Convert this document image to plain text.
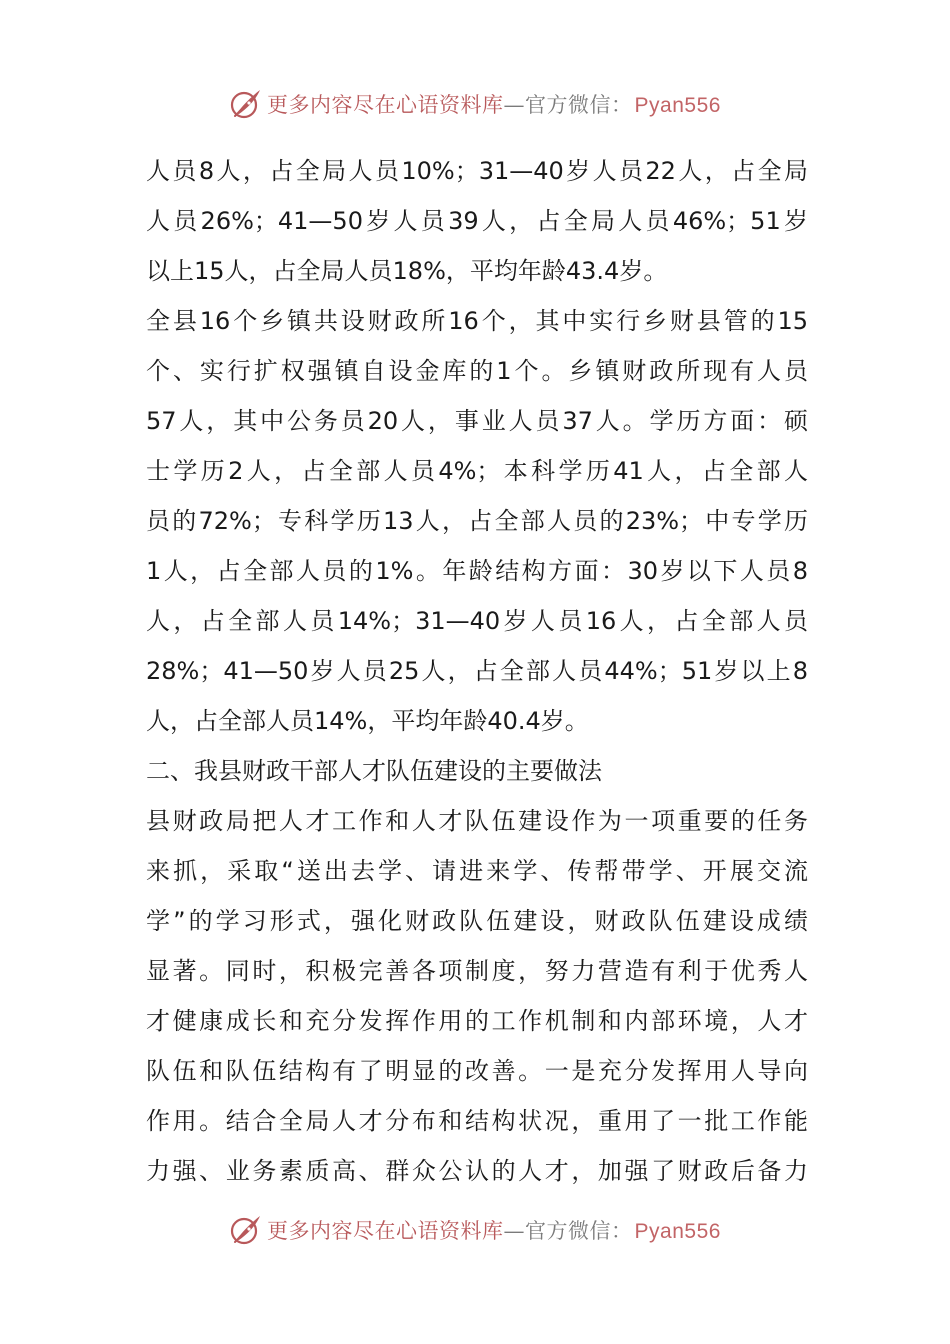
更多内容尽在心语资料库 — 官方微信： Pyan556
人员8人，占全局人员10%；31—40岁人员22人，占全局
人员26%；41—50岁人员39人，占全局人员46%；51岁
以上15人，占全局人员18%，平均年龄43.4岁。
全县16个乡镇共设财政所16个，其中实行乡财县管的15
个、实行扩权强镇自设金库的1个。乡镇财政所现有人员
57人，其中公务员20人，事业人员37人。学历方面：硕
士学历2人，占全部人员4%；本科学历41人，占全部人
员的72%；专科学历13人，占全部人员的23%；中专学历
1人，占全部人员的1%。年龄结构方面：30岁以下人员8
人，占全部人员14%；31—40岁人员16人，占全部人员
28%；41—50岁人员25人，占全部人员44%；51岁以上8
人，占全部人员14%，平均年龄40.4岁。
二、我县财政干部人才队伍建设的主要做法
县财政局把人才工作和人才队伍建设作为一项重要的任务
来抓，采取“送出去学、请进来学、传帮带学、开展交流
学”的学习形式，强化财政队伍建设，财政队伍建设成绩
显著。同时，积极完善各项制度，努力营造有利于优秀人
才健康成长和充分发挥作用的工作机制和内部环境，人才
队伍和队伍结构有了明显的改善。一是充分发挥用人导向
作用。结合全局人才分布和结构状况，重用了一批工作能
力强、业务素质高、群众公认的人才，加强了财政后备力
更多内容尽在心语资料库 — 官方微信： Pyan556
